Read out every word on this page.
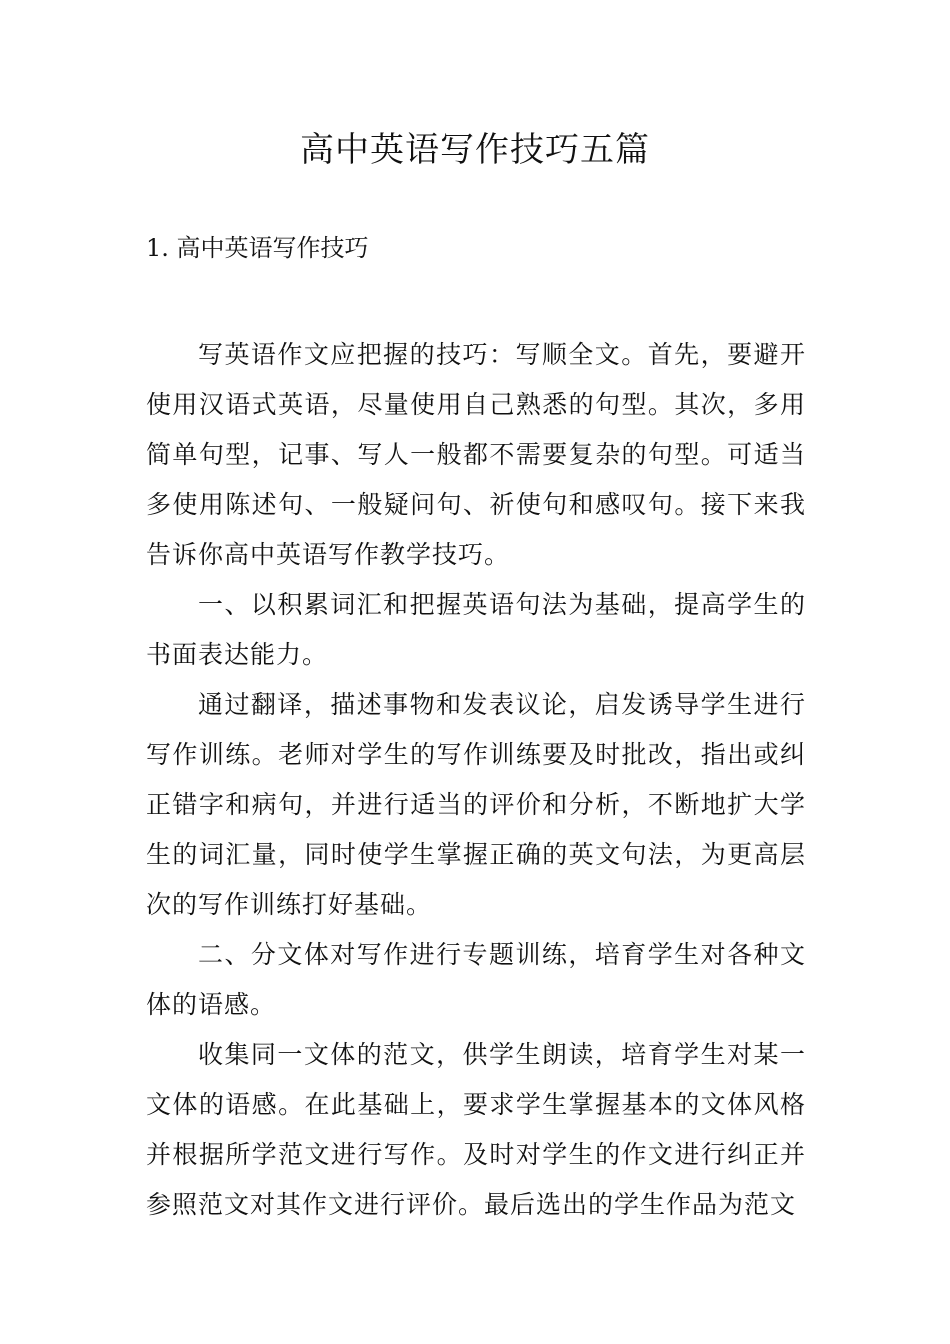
高中英语写作技巧五篇
1. 高中英语写作技巧

写英语作文应把握的技巧：写顺全文。首先，要避开使用汉语式英语，尽量使用自己熟悉的句型。其次，多用简单句型，记事、写人一般都不需要复杂的句型。可适当多使用陈述句、一般疑问句、祈使句和感叹句。接下来我告诉你高中英语写作教学技巧。

一、以积累词汇和把握英语句法为基础，提高学生的书面表达能力。

通过翻译，描述事物和发表议论，启发诱导学生进行写作训练。老师对学生的写作训练要及时批改，指出或纠正错字和病句，并进行适当的评价和分析，不断地扩大学生的词汇量，同时使学生掌握正确的英文句法，为更高层次的写作训练打好基础。

二、分文体对写作进行专题训练，培育学生对各种文体的语感。

收集同一文体的范文，供学生朗读，培育学生对某一文体的语感。在此基础上，要求学生掌握基本的文体风格并根据所学范文进行写作。及时对学生的作文进行纠正并参照范文对其作文进行评价。最后选出的学生作品为范文
